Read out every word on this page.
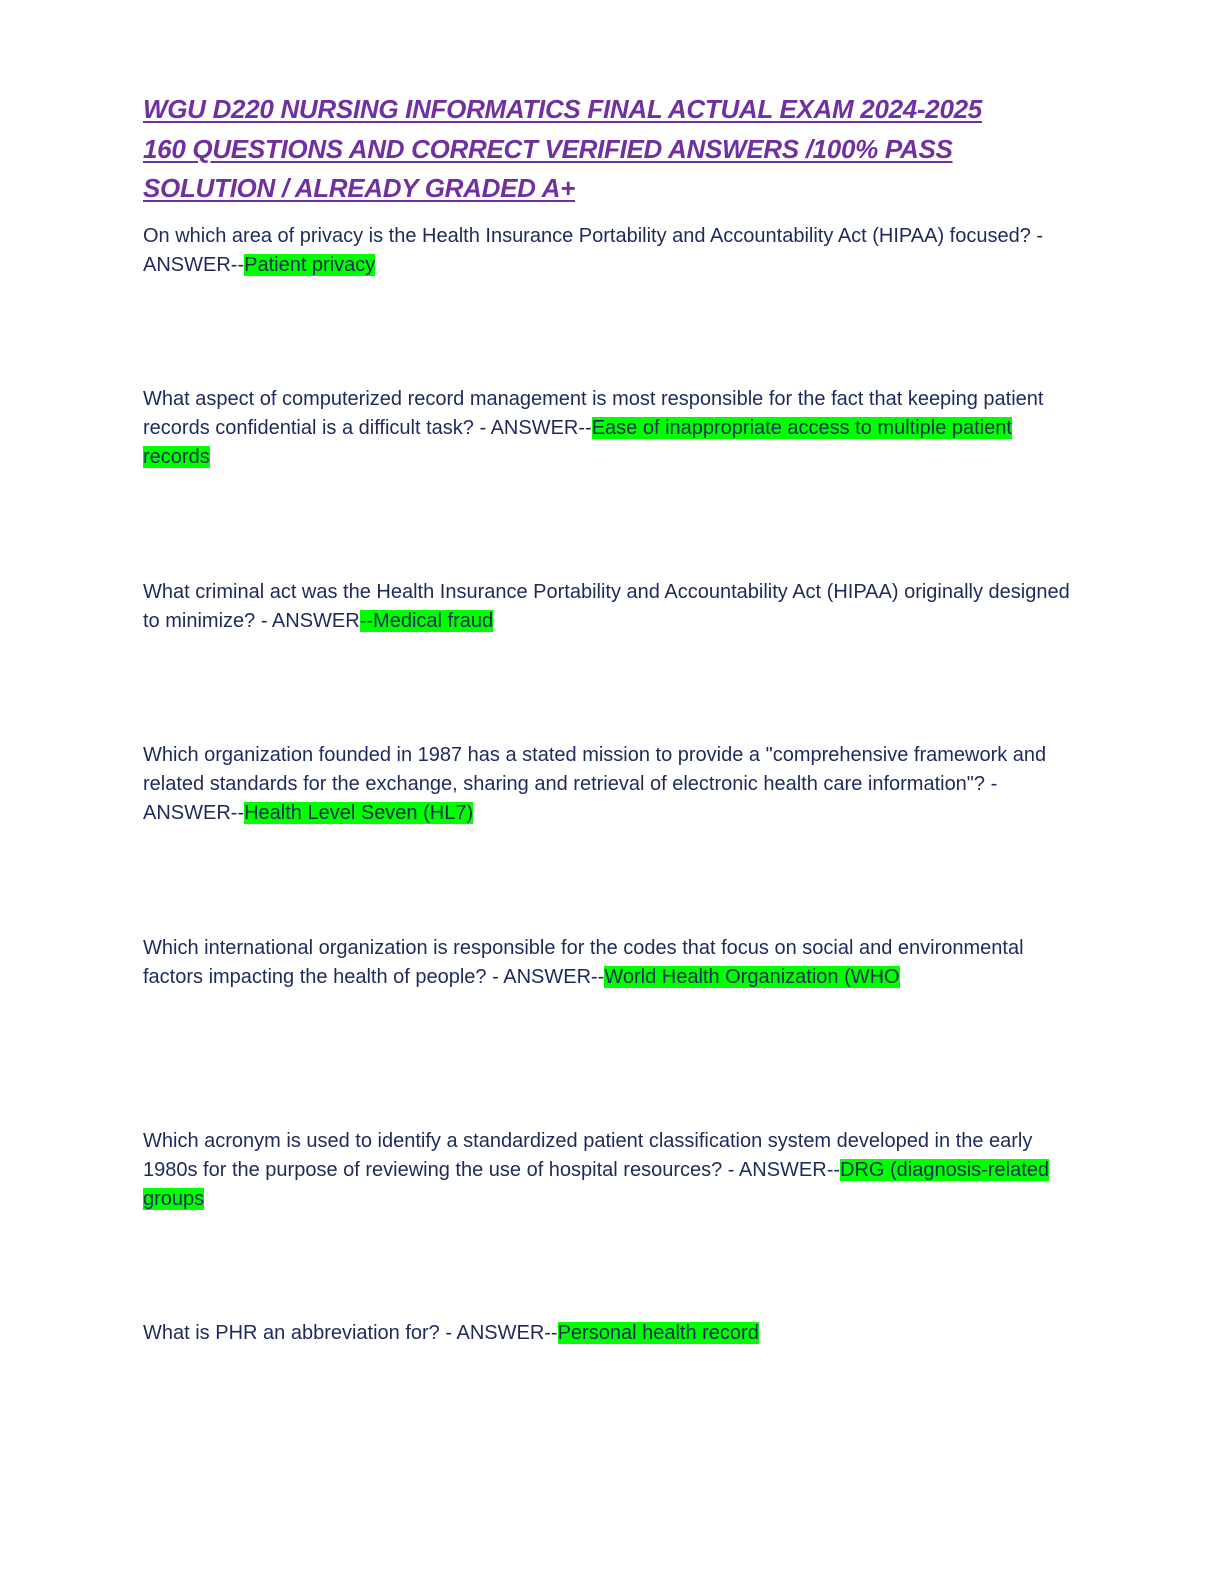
WGU D220 NURSING INFORMATICS FINAL ACTUAL EXAM 2024-2025
160 QUESTIONS AND CORRECT VERIFIED ANSWERS /100% PASS
SOLUTION / ALREADY GRADED A+

On which area of privacy is the Health Insurance Portability and Accountability Act (HIPAA) focused? - ANSWER--Patient privacy

What aspect of computerized record management is most responsible for the fact that keeping patient records confidential is a difficult task? - ANSWER--Ease of inappropriate access to multiple patient records

What criminal act was the Health Insurance Portability and Accountability Act (HIPAA) originally designed to minimize? - ANSWER--Medical fraud

Which organization founded in 1987 has a stated mission to provide a "comprehensive framework and related standards for the exchange, sharing and retrieval of electronic health care information"? - ANSWER--Health Level Seven (HL7)

Which international organization is responsible for the codes that focus on social and environmental factors impacting the health of people? - ANSWER--World Health Organization (WHO

Which acronym is used to identify a standardized patient classification system developed in the early 1980s for the purpose of reviewing the use of hospital resources? - ANSWER--DRG (diagnosis-related groups

What is PHR an abbreviation for? - ANSWER--Personal health record
